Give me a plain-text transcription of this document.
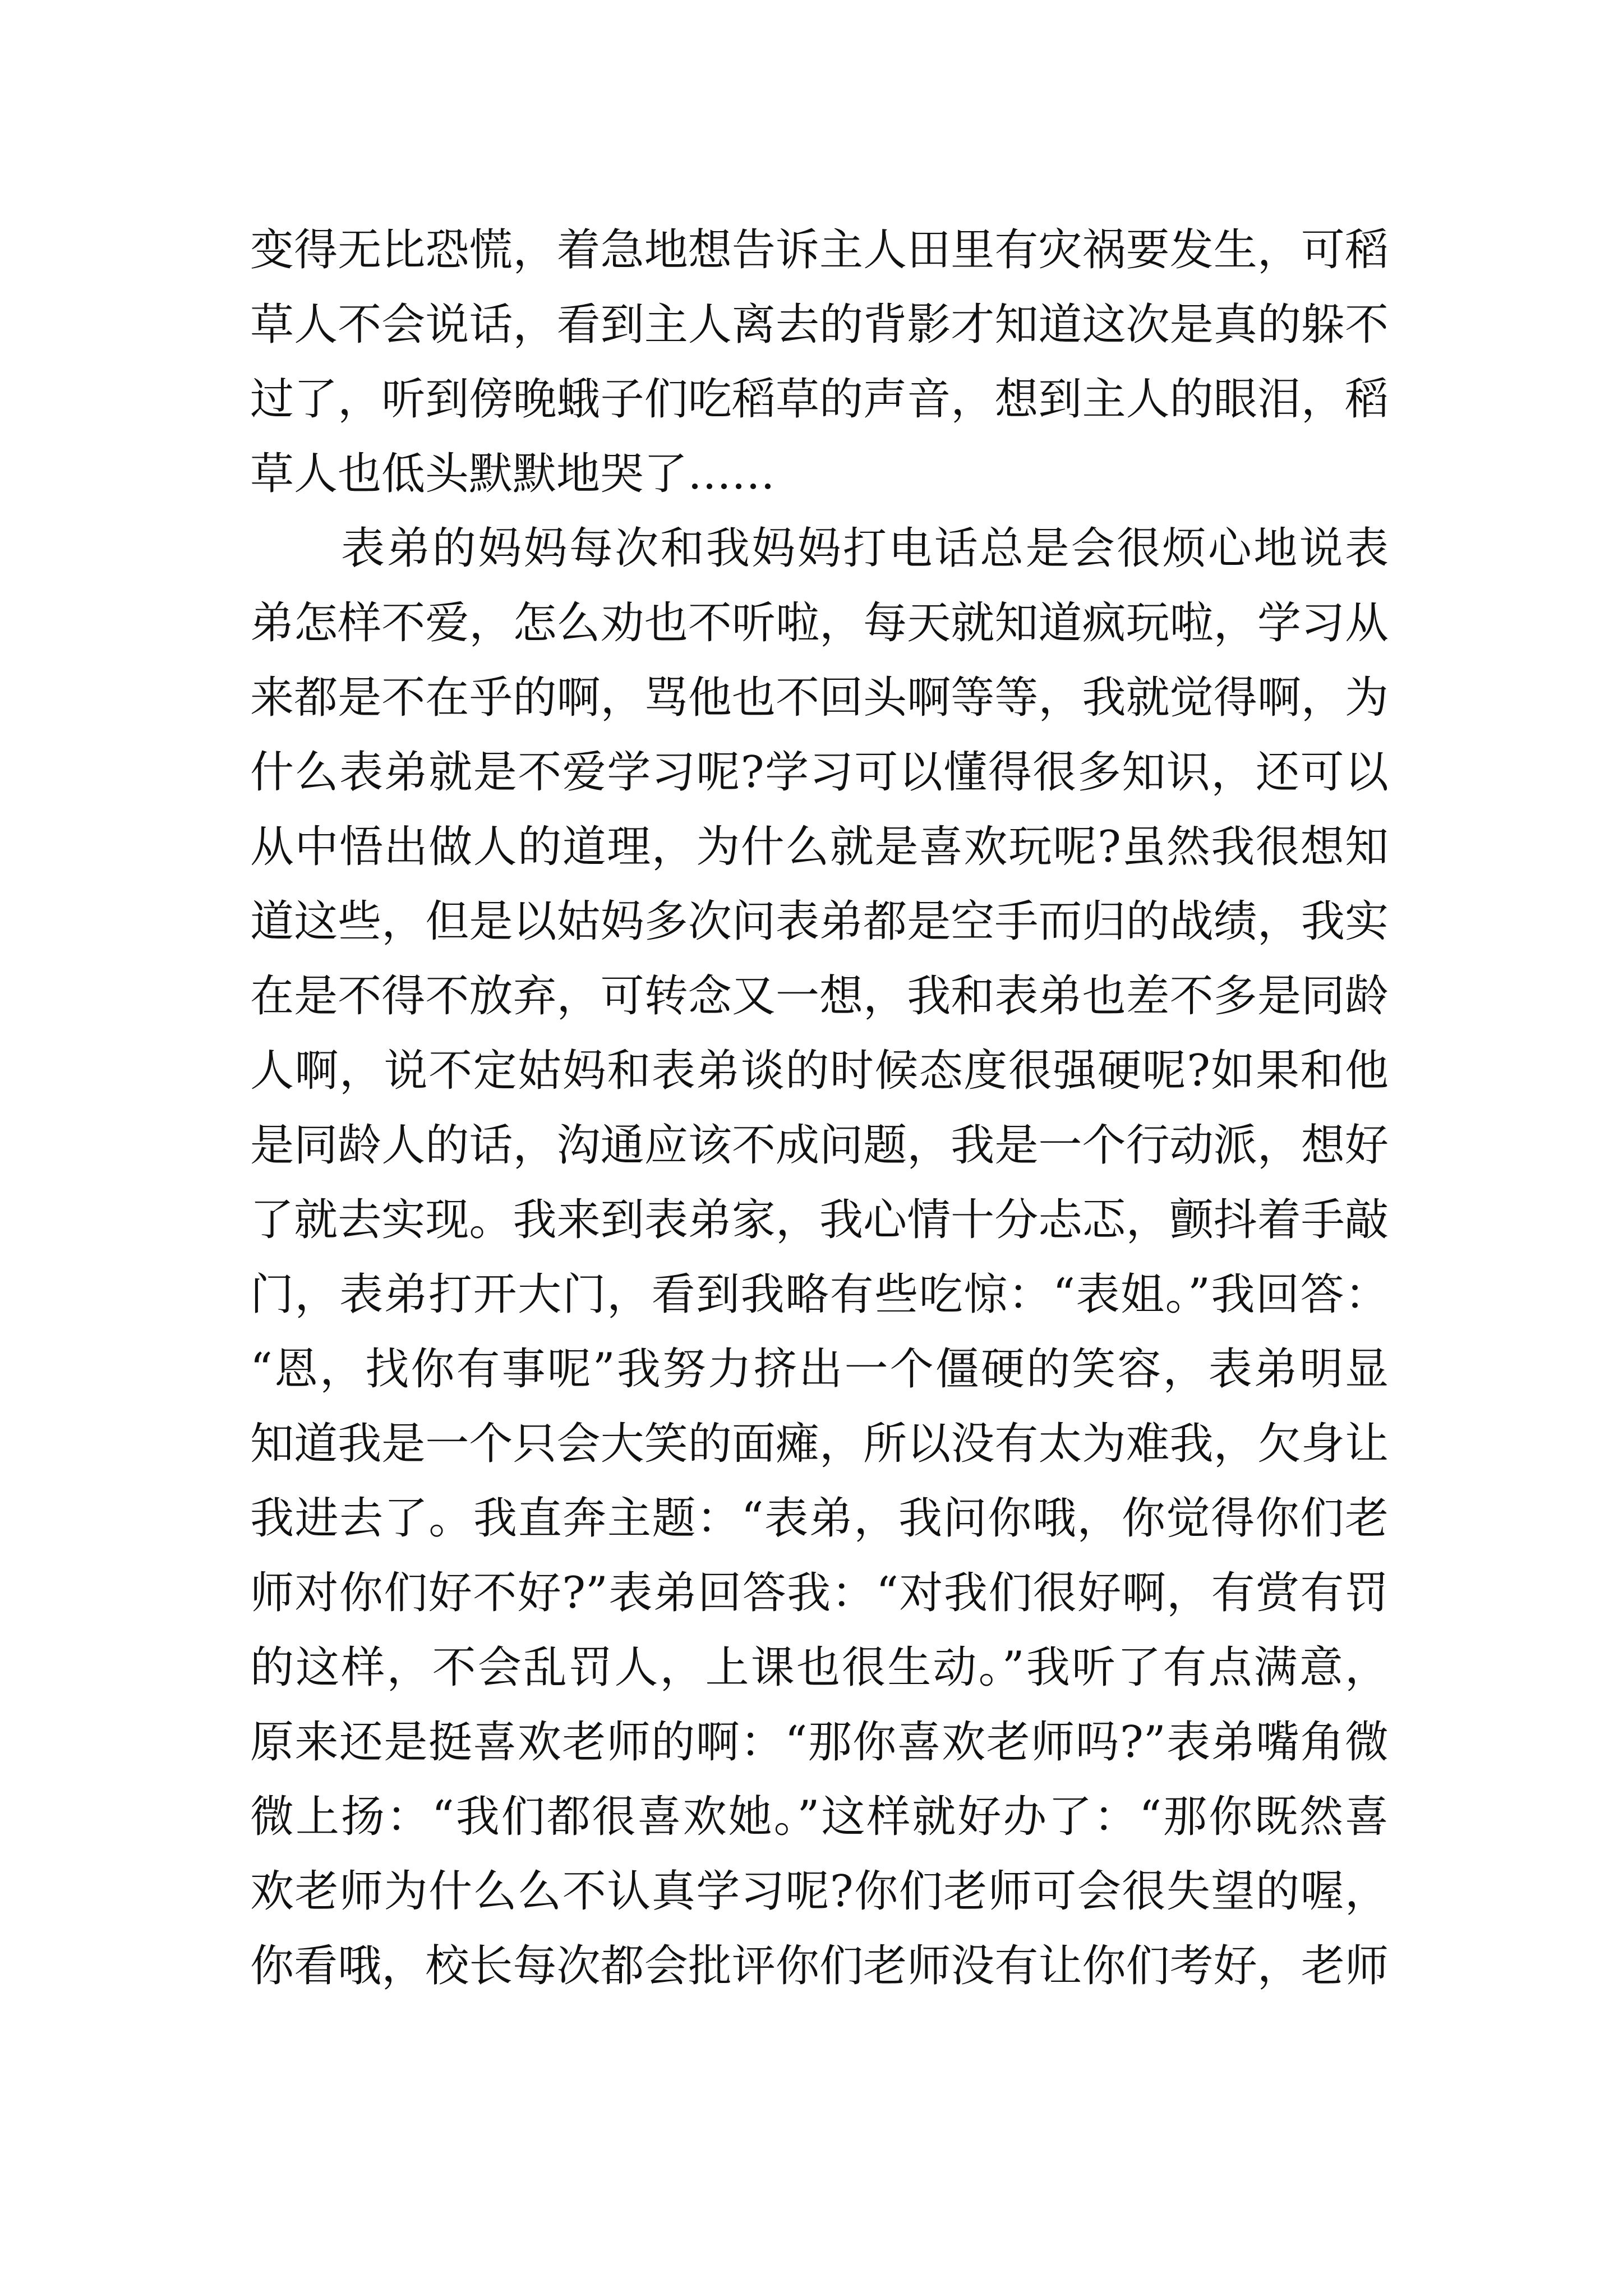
变得无比恐慌，着急地想告诉主人田里有灾祸要发生，可稻
草人不会说话，看到主人离去的背影才知道这次是真的躲不
过了，听到傍晚蛾子们吃稻草的声音，想到主人的眼泪，稻
草人也低头默默地哭了……
表弟的妈妈每次和我妈妈打电话总是会很烦心地说表
弟怎样不爱，怎么劝也不听啦，每天就知道疯玩啦，学习从
来都是不在乎的啊，骂他也不回头啊等等，我就觉得啊，为
什么表弟就是不爱学习呢?学习可以懂得很多知识，还可以
从中悟出做人的道理，为什么就是喜欢玩呢?虽然我很想知
道这些，但是以姑妈多次问表弟都是空手而归的战绩，我实
在是不得不放弃，可转念又一想，我和表弟也差不多是同龄
人啊，说不定姑妈和表弟谈的时候态度很强硬呢?如果和他
是同龄人的话，沟通应该不成问题，我是一个行动派，想好
了就去实现。我来到表弟家，我心情十分忐忑，颤抖着手敲
门，表弟打开大门，看到我略有些吃惊：“表姐。”我回答：
“恩，找你有事呢”我努力挤出一个僵硬的笑容，表弟明显
知道我是一个只会大笑的面瘫，所以没有太为难我，欠身让
我进去了。我直奔主题：“表弟，我问你哦，你觉得你们老
师对你们好不好?”表弟回答我：“对我们很好啊，有赏有罚
的这样，不会乱罚人，上课也很生动。”我听了有点满意，
原来还是挺喜欢老师的啊：“那你喜欢老师吗?”表弟嘴角微
微上扬：“我们都很喜欢她。”这样就好办了：“那你既然喜
欢老师为什么么不认真学习呢?你们老师可会很失望的喔，
你看哦，校长每次都会批评你们老师没有让你们考好，老师
